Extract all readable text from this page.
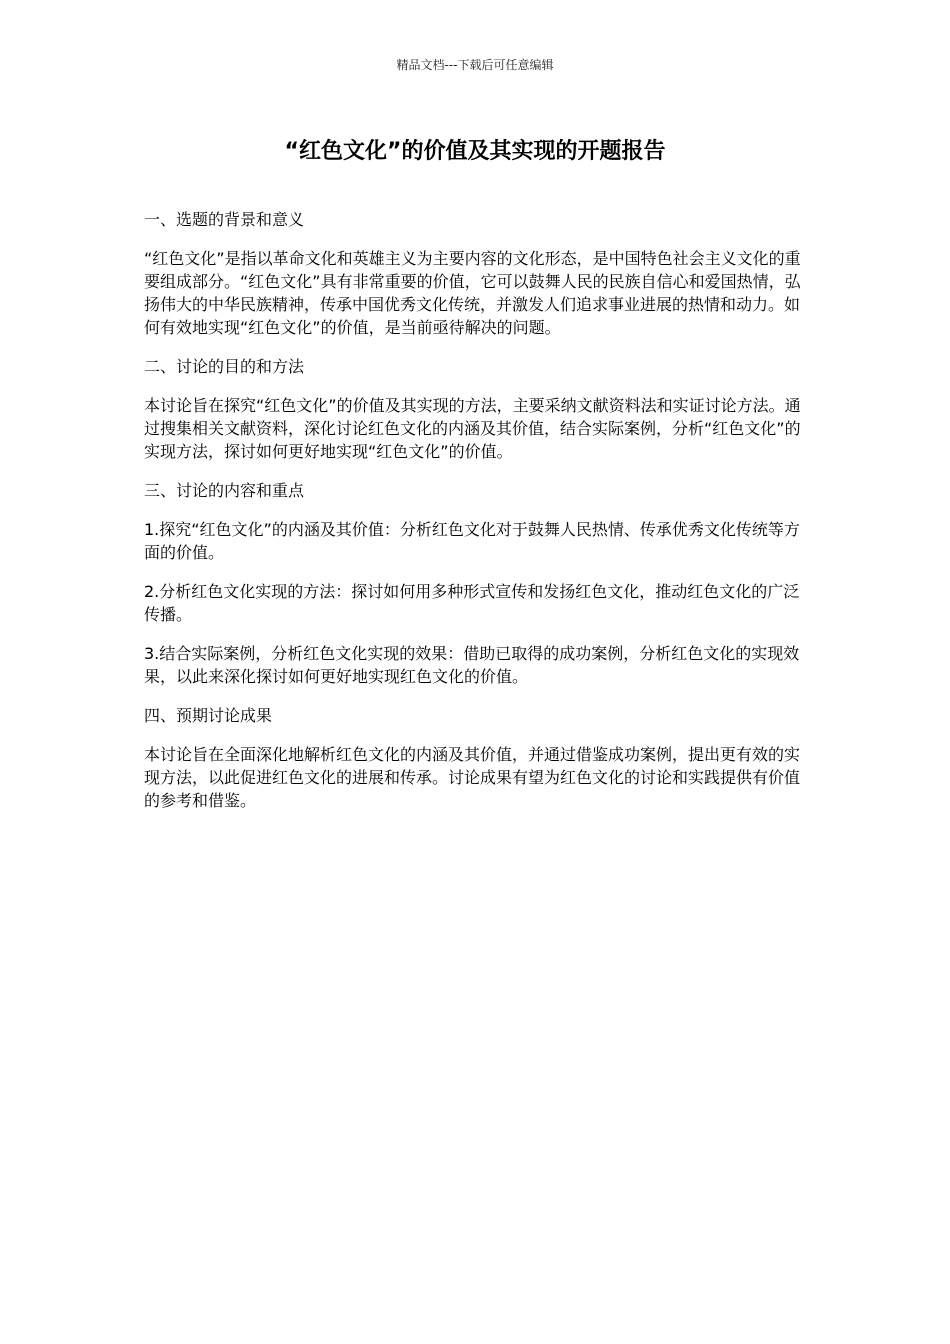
精品文档---下载后可任意编辑
“红色文化”的价值及其实现的开题报告

一、选题的背景和意义

“红色文化”是指以革命文化和英雄主义为主要内容的文化形态，是中国特色社会主义文化的重要组成部分。“红色文化”具有非常重要的价值，它可以鼓舞人民的民族自信心和爱国热情，弘扬伟大的中华民族精神，传承中国优秀文化传统，并激发人们追求事业进展的热情和动力。如何有效地实现“红色文化”的价值，是当前亟待解决的问题。

二、讨论的目的和方法

本讨论旨在探究“红色文化”的价值及其实现的方法，主要采纳文献资料法和实证讨论方法。通过搜集相关文献资料，深化讨论红色文化的内涵及其价值，结合实际案例，分析“红色文化”的实现方法，探讨如何更好地实现“红色文化”的价值。

三、讨论的内容和重点

1.探究“红色文化”的内涵及其价值：分析红色文化对于鼓舞人民热情、传承优秀文化传统等方面的价值。

2.分析红色文化实现的方法：探讨如何用多种形式宣传和发扬红色文化，推动红色文化的广泛传播。

3.结合实际案例，分析红色文化实现的效果：借助已取得的成功案例，分析红色文化的实现效果，以此来深化探讨如何更好地实现红色文化的价值。

四、预期讨论成果

本讨论旨在全面深化地解析红色文化的内涵及其价值，并通过借鉴成功案例，提出更有效的实现方法，以此促进红色文化的进展和传承。讨论成果有望为红色文化的讨论和实践提供有价值的参考和借鉴。
